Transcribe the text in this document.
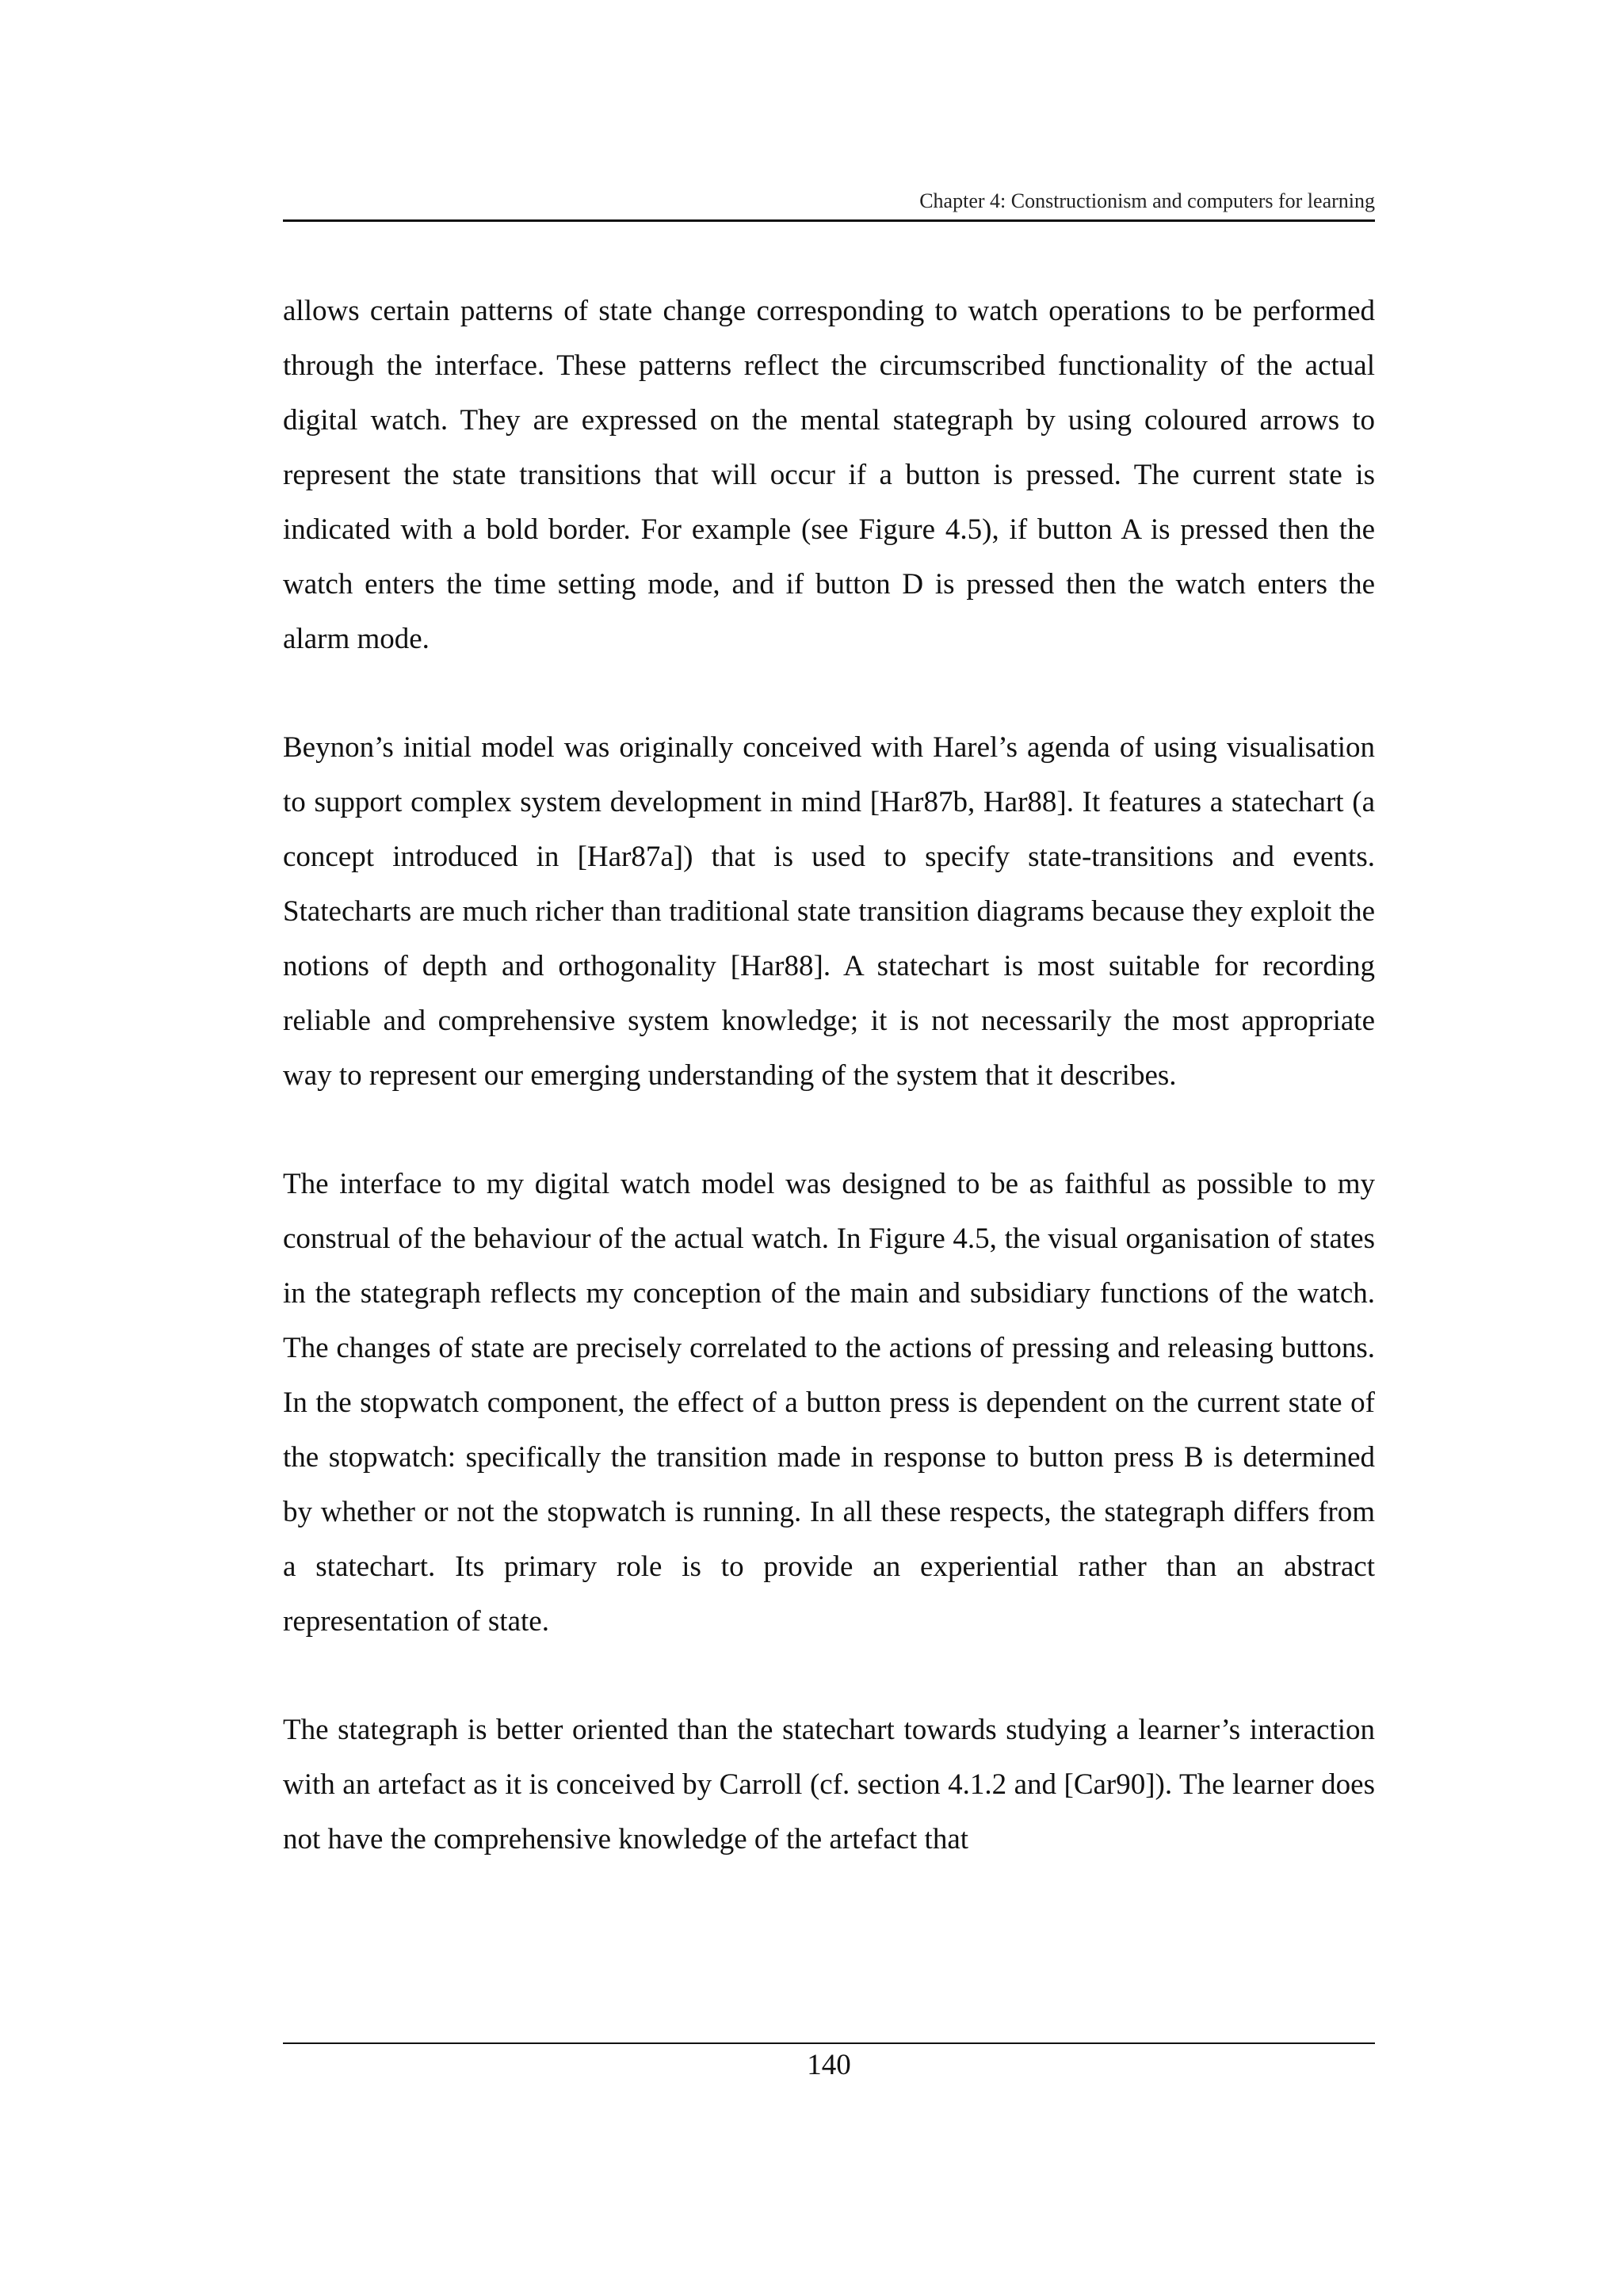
Chapter 4: Constructionism and computers for learning

allows certain patterns of state change corresponding to watch operations to be performed through the interface. These patterns reflect the circumscribed functionality of the actual digital watch. They are expressed on the mental stategraph by using coloured arrows to represent the state transitions that will occur if a button is pressed. The current state is indicated with a bold border. For example (see Figure 4.5), if button A is pressed then the watch enters the time setting mode, and if button D is pressed then the watch enters the alarm mode.

Beynon’s initial model was originally conceived with Harel’s agenda of using visualisation to support complex system development in mind [Har87b, Har88]. It features a statechart (a concept introduced in [Har87a]) that is used to specify state-transitions and events. Statecharts are much richer than traditional state transition diagrams because they exploit the notions of depth and orthogonality [Har88]. A statechart is most suitable for recording reliable and comprehensive system knowledge; it is not necessarily the most appropriate way to represent our emerging understanding of the system that it describes.

The interface to my digital watch model was designed to be as faithful as possible to my construal of the behaviour of the actual watch. In Figure 4.5, the visual organisation of states in the stategraph reflects my conception of the main and subsidiary functions of the watch. The changes of state are precisely correlated to the actions of pressing and releasing buttons. In the stopwatch component, the effect of a button press is dependent on the current state of the stopwatch: specifically the transition made in response to button press B is determined by whether or not the stopwatch is running. In all these respects, the stategraph differs from a statechart. Its primary role is to provide an experiential rather than an abstract representation of state.

The stategraph is better oriented than the statechart towards studying a learner’s interaction with an artefact as it is conceived by Carroll (cf. section 4.1.2 and [Car90]). The learner does not have the comprehensive knowledge of the artefact that

140
